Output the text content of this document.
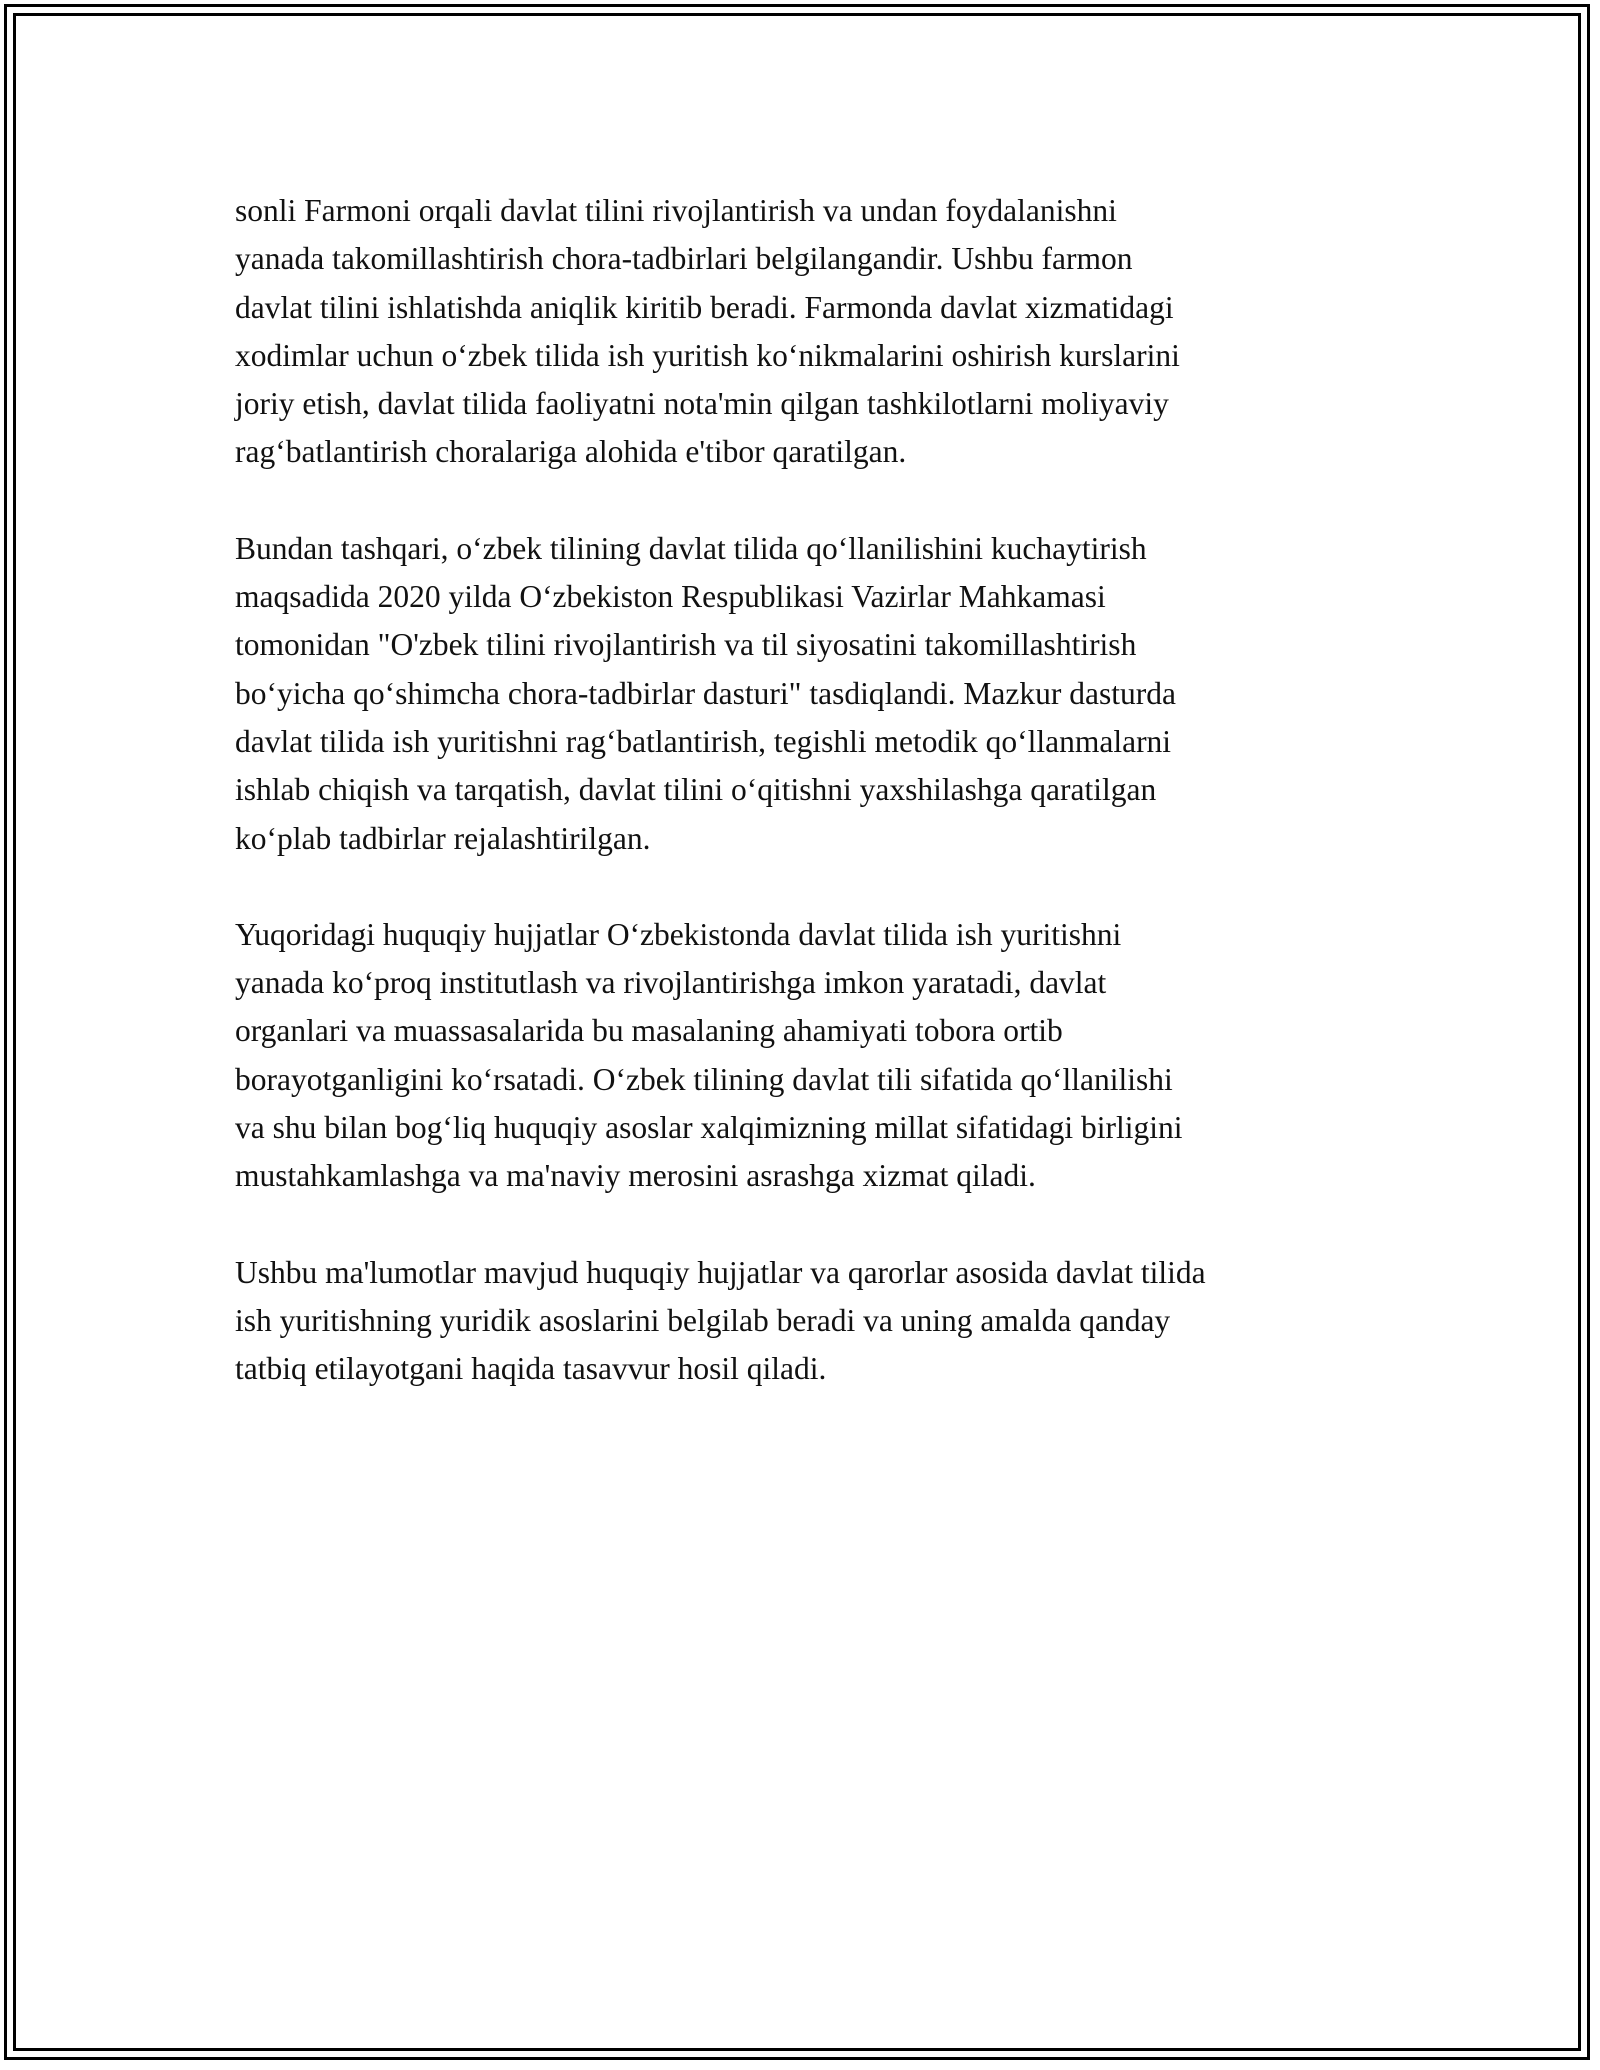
sonli Farmoni orqali davlat tilini rivojlantirish va undan foydalanishni
yanada takomillashtirish chora-tadbirlari belgilangandir. Ushbu farmon
davlat tilini ishlatishda aniqlik kiritib beradi. Farmonda davlat xizmatidagi
xodimlar uchun o‘zbek tilida ish yuritish ko‘nikmalarini oshirish kurslarini
joriy etish, davlat tilida faoliyatni nota'min qilgan tashkilotlarni moliyaviy
rag‘batlantirish choralariga alohida e'tibor qaratilgan.

Bundan tashqari, o‘zbek tilining davlat tilida qo‘llanilishini kuchaytirish
maqsadida 2020 yilda O‘zbekiston Respublikasi Vazirlar Mahkamasi
tomonidan "O'zbek tilini rivojlantirish va til siyosatini takomillashtirish
bo‘yicha qo‘shimcha chora-tadbirlar dasturi" tasdiqlandi. Mazkur dasturda
davlat tilida ish yuritishni rag‘batlantirish, tegishli metodik qo‘llanmalarni
ishlab chiqish va tarqatish, davlat tilini o‘qitishni yaxshilashga qaratilgan
ko‘plab tadbirlar rejalashtirilgan.

Yuqoridagi huquqiy hujjatlar O‘zbekistonda davlat tilida ish yuritishni
yanada ko‘proq institutlash va rivojlantirishga imkon yaratadi, davlat
organlari va muassasalarida bu masalaning ahamiyati tobora ortib
borayotganligini ko‘rsatadi. O‘zbek tilining davlat tili sifatida qo‘llanilishi
va shu bilan bog‘liq huquqiy asoslar xalqimizning millat sifatidagi birligini
mustahkamlashga va ma'naviy merosini asrashga xizmat qiladi.

Ushbu ma'lumotlar mavjud huquqiy hujjatlar va qarorlar asosida davlat tilida
ish yuritishning yuridik asoslarini belgilab beradi va uning amalda qanday
tatbiq etilayotgani haqida tasavvur hosil qiladi.
